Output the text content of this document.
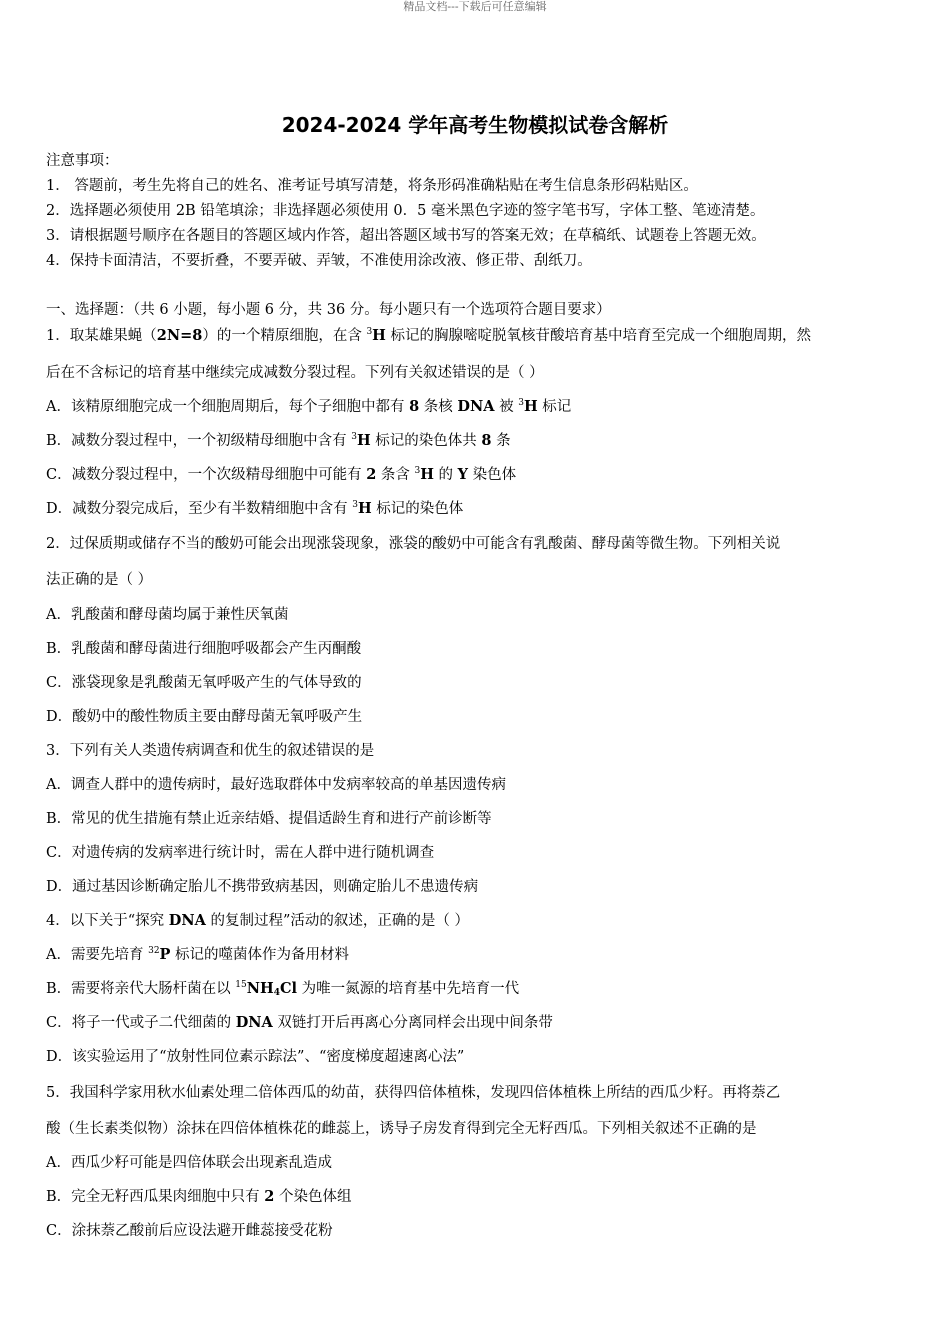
精品文档---下载后可任意编辑
2024-2024 学年高考生物模拟试卷含解析
注意事项：
1． 答题前，考生先将自己的姓名、准考证号填写清楚，将条形码准确粘贴在考生信息条形码粘贴区。
2．选择题必须使用 2B 铅笔填涂；非选择题必须使用 0．5 毫米黑色字迹的签字笔书写，字体工整、笔迹清楚。
3．请根据题号顺序在各题目的答题区域内作答，超出答题区域书写的答案无效；在草稿纸、试题卷上答题无效。
4．保持卡面清洁，不要折叠，不要弄破、弄皱，不准使用涂改液、修正带、刮纸刀。
一、选择题：（共 6 小题，每小题 6 分，共 36 分。每小题只有一个选项符合题目要求）
1．取某雄果蝇（2N=8）的一个精原细胞，在含 $^3$H 标记的胸腺嘧啶脱氧核苷酸培育基中培育至完成一个细胞周期，然
后在不含标记的培育基中继续完成减数分裂过程。下列有关叙述错误的是（ ）
A．该精原细胞完成一个细胞周期后，每个子细胞中都有 8 条核 DNA 被 $^3$H 标记
B．减数分裂过程中，一个初级精母细胞中含有 $^3$H 标记的染色体共 8 条
C．减数分裂过程中，一个次级精母细胞中可能有 2 条含 $^3$H 的 Y 染色体
D．减数分裂完成后，至少有半数精细胞中含有 $^3$H 标记的染色体
2．过保质期或储存不当的酸奶可能会出现涨袋现象，涨袋的酸奶中可能含有乳酸菌、酵母菌等微生物。下列相关说
法正确的是（ ）
A．乳酸菌和酵母菌均属于兼性厌氧菌
B．乳酸菌和酵母菌进行细胞呼吸都会产生丙酮酸
C．涨袋现象是乳酸菌无氧呼吸产生的气体导致的
D．酸奶中的酸性物质主要由酵母菌无氧呼吸产生
3．下列有关人类遗传病调查和优生的叙述错误的是
A．调查人群中的遗传病时，最好选取群体中发病率较高的单基因遗传病
B．常见的优生措施有禁止近亲结婚、提倡适龄生育和进行产前诊断等
C．对遗传病的发病率进行统计时，需在人群中进行随机调查
D．通过基因诊断确定胎儿不携带致病基因，则确定胎儿不患遗传病
4．以下关于“探究 DNA 的复制过程”活动的叙述，正确的是（ ）
A．需要先培育 $^{32}$P 标记的噬菌体作为备用材料
B．需要将亲代大肠杆菌在以 $^{15}NH_4Cl$ 为唯一氮源的培育基中先培育一代
C．将子一代或子二代细菌的 DNA 双链打开后再离心分离同样会出现中间条带
D．该实验运用了“放射性同位素示踪法”、“密度梯度超速离心法”
5．我国科学家用秋水仙素处理二倍体西瓜的幼苗，获得四倍体植株，发现四倍体植株上所结的西瓜少籽。再将萘乙
酸（生长素类似物）涂抹在四倍体植株花的雌蕊上，诱导子房发育得到完全无籽西瓜。下列相关叙述不正确的是
A．西瓜少籽可能是四倍体联会出现紊乱造成
B．完全无籽西瓜果肉细胞中只有 2 个染色体组
C．涂抹萘乙酸前后应设法避开雌蕊接受花粉
